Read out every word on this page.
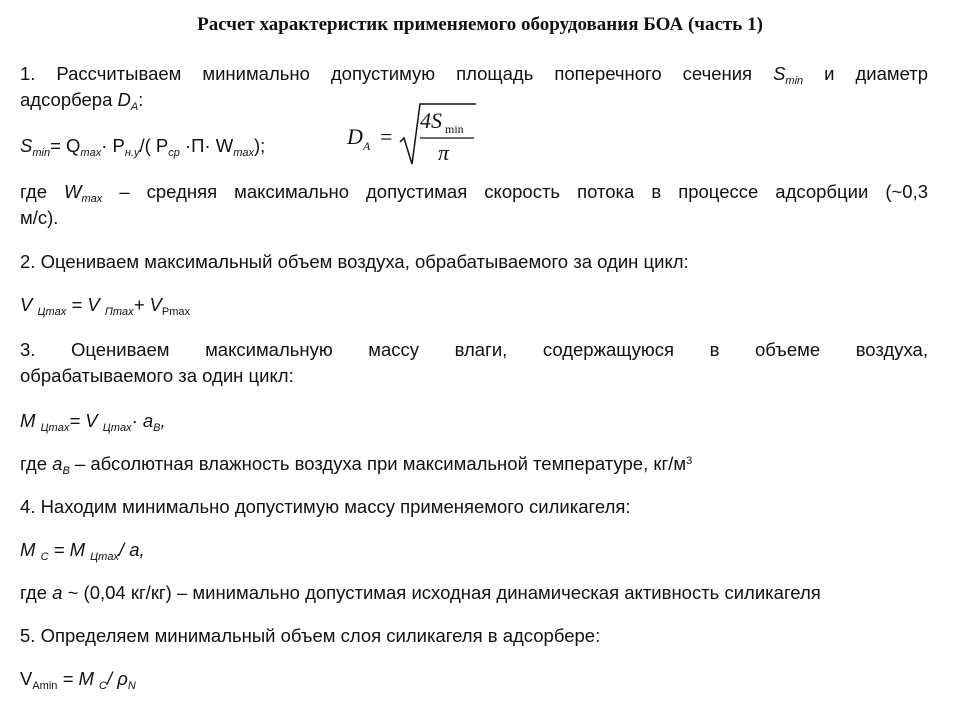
Расчет характеристик применяемого оборудования БОА (часть 1)
1. Рассчитываем минимально допустимую площадь поперечного сечения $S_{min}$ и диаметр
адсорбера $D_A$:
$S_{min}= Q_{max}\cdot P_{н.у}/$( $P_{ср} \cdot П\cdot W_{max}$);	D A =
4S min
π
где $W_{max}$ – средняя максимально допустимая скорость потока в процессе адсорбции (~0,3
м/с).
2. Оцениваем максимальный объем воздуха, обрабатываемого за один цикл:
V $_{Цmax}$ = V $_{Пmax}+ V_{Pmax}$
3. Оцениваем максимальную массу влаги, содержащуюся в объеме воздуха,
обрабатываемого за один цикл:
M $_{Цmax}$= V $_{Цmax}\cdot a_В$,
где $a_В$ – абсолютная влажность воздуха при максимальной температуре, $кг/м^3$
4. Находим минимально допустимую массу применяемого силикагеля:
M $_C$ = M $_{Цmax}$/ a,
где a ~ (0,04 кг/кг) – минимально допустимая исходная динамическая активность силикагеля
5. Определяем минимальный объем слоя силикагеля в адсорбере:
$V_{Amin} = M$ $_C$/ $\rho_N$
